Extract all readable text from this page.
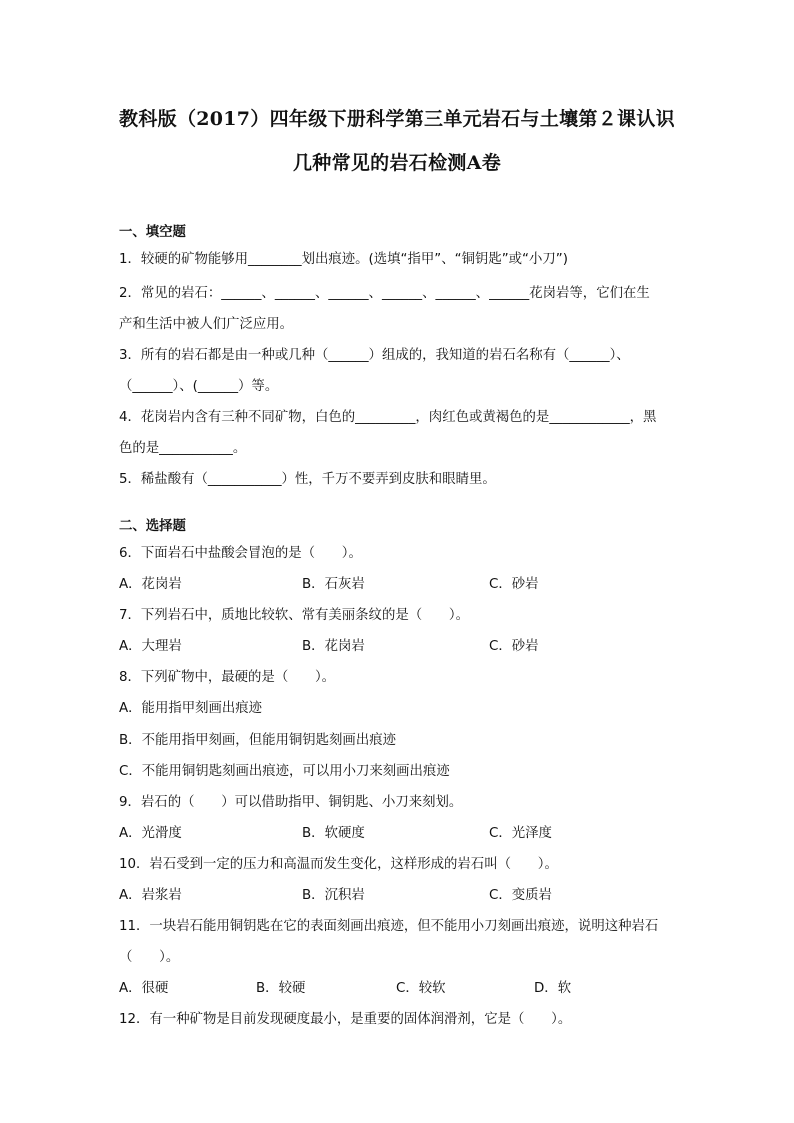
教科版（2017）四年级下册科学第三单元岩石与土壤第２课认识
几种常见的岩石检测A卷
一、填空题
1．较硬的矿物能够用________划出痕迹。(选填“指甲”、“铜钥匙”或“小刀”)
2．常见的岩石：______、______、______、______、______、______花岗岩等，它们在生
产和生活中被人们广泛应用。
3．所有的岩石都是由一种或几种（______）组成的，我知道的岩石名称有（______）、
（______）、(______）等。
4．花岗岩内含有三种不同矿物，白色的_________，肉红色或黄褐色的是____________，黑
色的是___________。
5．稀盐酸有（___________）性，千万不要弄到皮肤和眼睛里。
二、选择题
6．下面岩石中盐酸会冒泡的是（　　）。
A．花岗岩	B．石灰岩	C．砂岩
7．下列岩石中，质地比较软、常有美丽条纹的是（　　）。
A．大理岩	B．花岗岩	C．砂岩
8．下列矿物中，最硬的是（　　）。
A．能用指甲刻画出痕迹
B．不能用指甲刻画，但能用铜钥匙刻画出痕迹
C．不能用铜钥匙刻画出痕迹，可以用小刀来刻画出痕迹
9．岩石的（　　）可以借助指甲、铜钥匙、小刀来刻划。
A．光滑度	B．软硬度	C．光泽度
10．岩石受到一定的压力和高温而发生变化，这样形成的岩石叫（　　）。
A．岩浆岩	B．沉积岩	C．变质岩
11．一块岩石能用铜钥匙在它的表面刻画出痕迹，但不能用小刀刻画出痕迹，说明这种岩石
（　　）。
A．很硬	B．较硬	C．较软	D．软
12．有一种矿物是目前发现硬度最小，是重要的固体润滑剂，它是（　　）。
